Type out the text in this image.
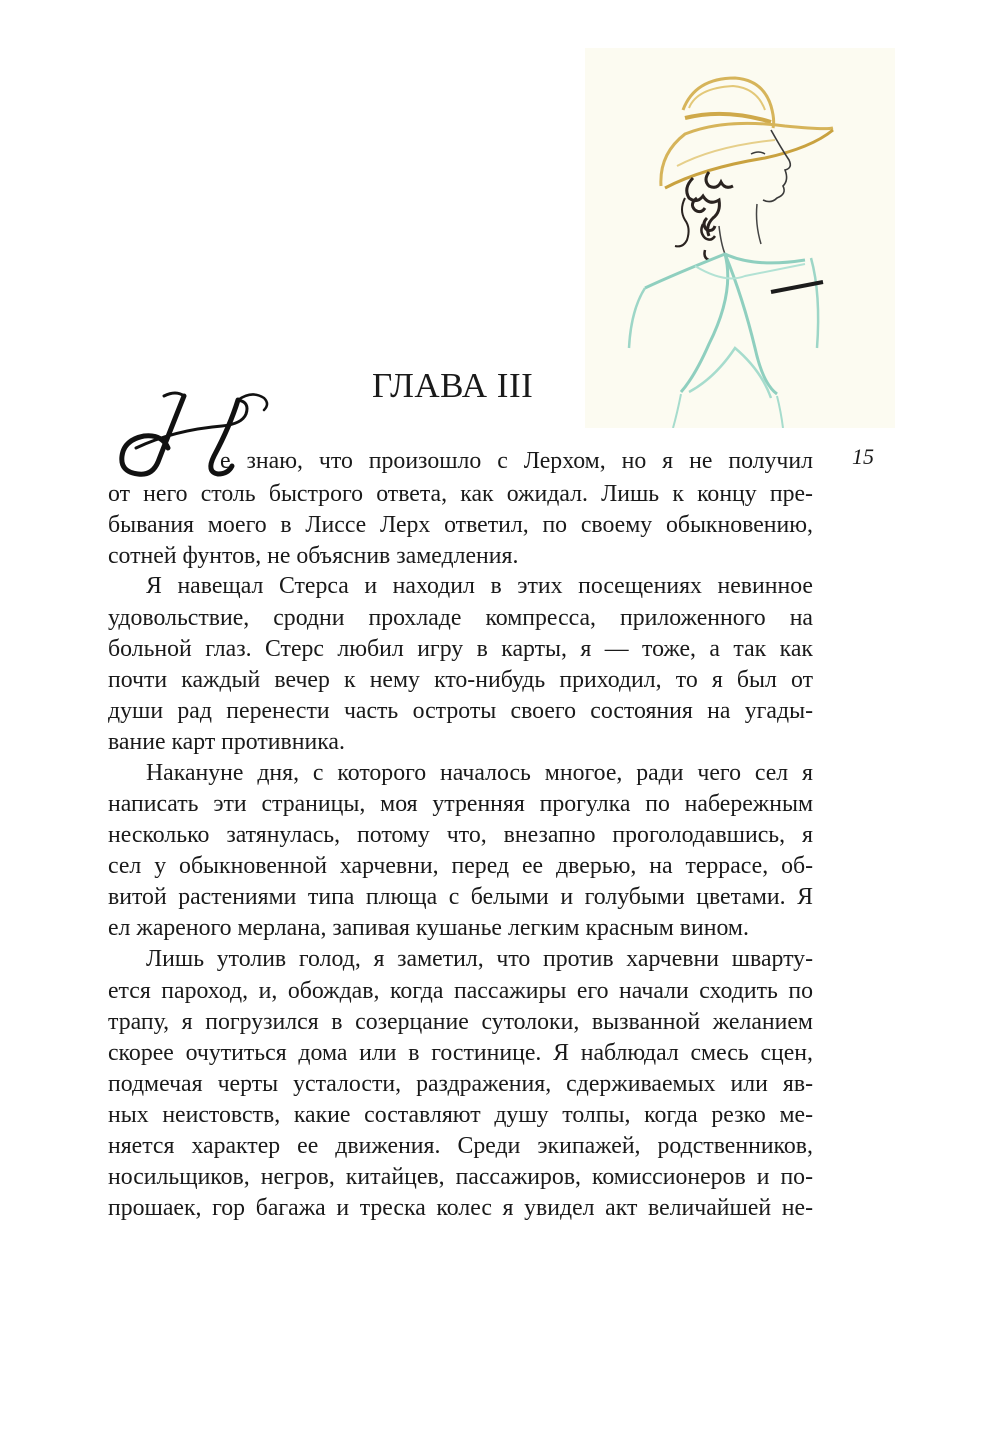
ГЛАВА III
15
е знаю, что произошло с Лерхом, но я не получил
от него столь быстрого ответа, как ожидал. Лишь к концу пре-
бывания моего в Лиссе Лерх ответил, по своему обыкновению,
сотней фунтов, не объяснив замедления.
Я навещал Стерса и находил в этих посещениях невинное
удовольствие, сродни прохладе компресса, приложенного на
больной глаз. Стерс любил игру в карты, я — тоже, а так как
почти каждый вечер к нему кто-нибудь приходил, то я был от
души рад перенести часть остроты своего состояния на угады-
вание карт противника.
Накануне дня, с которого началось многое, ради чего сел я
написать эти страницы, моя утренняя прогулка по набережным
несколько затянулась, потому что, внезапно проголодавшись, я
сел у обыкновенной харчевни, перед ее дверью, на террасе, об-
витой растениями типа плюща с белыми и голубыми цветами. Я
ел жареного мерлана, запивая кушанье легким красным вином.
Лишь утолив голод, я заметил, что против харчевни шварту-
ется пароход, и, обождав, когда пассажиры его начали сходить по
трапу, я погрузился в созерцание сутолоки, вызванной желанием
скорее очутиться дома или в гостинице. Я наблюдал смесь сцен,
подмечая черты усталости, раздражения, сдерживаемых или яв-
ных неистовств, какие составляют душу толпы, когда резко ме-
няется характер ее движения. Среди экипажей, родственников,
носильщиков, негров, китайцев, пассажиров, комиссионеров и по-
прошаек, гор багажа и треска колес я увидел акт величайшей не-
